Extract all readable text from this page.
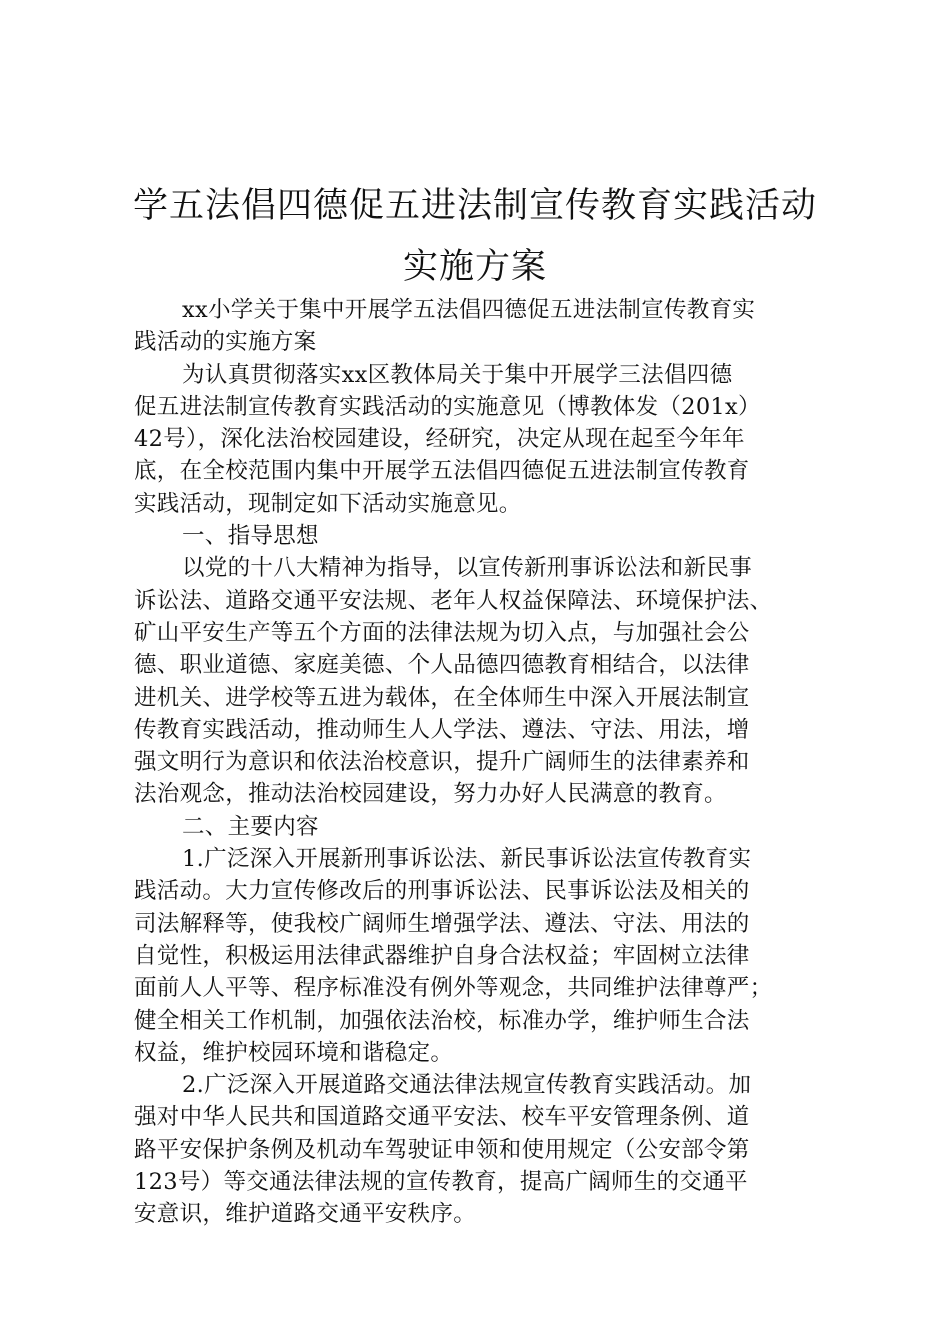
学五法倡四德促五进法制宣传教育实践活动
实施方案

xx小学关于集中开展学五法倡四德促五进法制宣传教育实
践活动的实施方案

为认真贯彻落实xx区教体局关于集中开展学三法倡四德
促五进法制宣传教育实践活动的实施意见（博教体发（201x）
42号），深化法治校园建设，经研究，决定从现在起至今年年
底，在全校范围内集中开展学五法倡四德促五进法制宣传教育
实践活动，现制定如下活动实施意见。

一、指导思想

以党的十八大精神为指导，以宣传新刑事诉讼法和新民事
诉讼法、道路交通平安法规、老年人权益保障法、环境保护法、
矿山平安生产等五个方面的法律法规为切入点，与加强社会公
德、职业道德、家庭美德、个人品德四德教育相结合，以法律
进机关、进学校等五进为载体，在全体师生中深入开展法制宣
传教育实践活动，推动师生人人学法、遵法、守法、用法，增
强文明行为意识和依法治校意识，提升广阔师生的法律素养和
法治观念，推动法治校园建设，努力办好人民满意的教育。

二、主要内容

1.广泛深入开展新刑事诉讼法、新民事诉讼法宣传教育实
践活动。大力宣传修改后的刑事诉讼法、民事诉讼法及相关的
司法解释等，使我校广阔师生增强学法、遵法、守法、用法的
自觉性，积极运用法律武器维护自身合法权益；牢固树立法律
面前人人平等、程序标准没有例外等观念，共同维护法律尊严；
健全相关工作机制，加强依法治校，标准办学，维护师生合法
权益，维护校园环境和谐稳定。

2.广泛深入开展道路交通法律法规宣传教育实践活动。加
强对中华人民共和国道路交通平安法、校车平安管理条例、道
路平安保护条例及机动车驾驶证申领和使用规定（公安部令第
123号）等交通法律法规的宣传教育，提高广阔师生的交通平
安意识，维护道路交通平安秩序。
